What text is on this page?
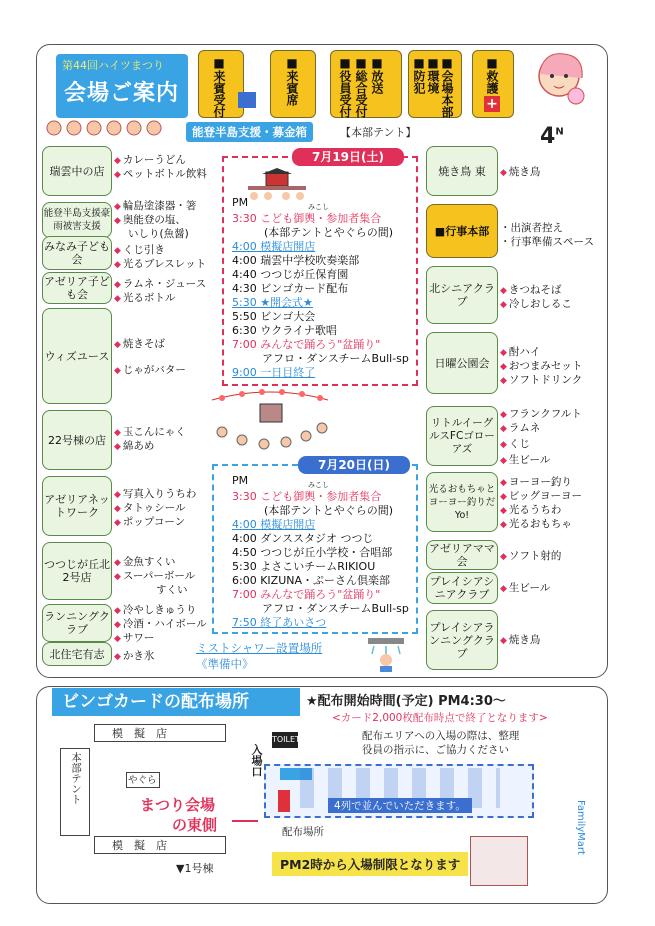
第44回ハイツまつり
会場ご案内	■来賓受付	■来賓席	■放送
■総合受付
■役員受付	■会場本部
■環境
■防犯	■救護
+
能登半島支援・募金箱	【本部テント】	$4^N$
瑞雲中の店
◆ カレーうどん
◆ ペットボトル飲料
能登半島支援豪雨被害支援
◆ 輪島塗漆器・箸
◆ 奥能登の塩、
いしり(魚醤)
みなみ子ども会
◆ くじ引き
◆ 光るブレスレット
アゼリア子ども会
◆ ラムネ・ジュース
◆ 光るボトル
ウィズユース
◆ 焼きそば
◆ じゃがバター
22号棟の店
◆ 玉こんにゃく
◆ 綿あめ
アゼリアネットワーク
◆ 写真入りうちわ
◆ タトゥシール
◆ ポップコーン
つつじが丘北2号店
◆ 金魚すくい
◆ スーパーボール
すくい
ランニングクラブ
◆ 冷やしきゅうり
◆ 冷酒・ハイボール
◆ サワー
北住宅有志 ◆ かき氷
焼き鳥 東 ◆ 焼き鳥
■行事本部 ・出演者控え
・行事準備スペース
北シニアクラブ
◆ きつねそば
◆ 冷しおしるこ
日曜公園会
◆ 酎ハイ
◆ おつまみセット
◆ ソフトドリンク
リトルイーグルスFCゴローアズ
◆ フランクフルト
◆ ラムネ
◆ くじ
◆ 生ビール
光るおもちゃとヨーヨー釣りだYo!
◆ ヨーヨー釣り
◆ ビッグヨーヨー
◆ 光るうちわ
◆ 光るおもちゃ
アゼリアママ会	◆ ソフト射的
プレイシアシニアクラブ	◆ 生ビール
プレイシアランニングクラブ
◆ 焼き鳥
7月19日(土)
PM	みこし
3:30 こども御輿・参加者集合
(本部テントとやぐらの間)
4:00 模擬店開店
4:00 瑞雲中学校吹奏楽部
4:40 つつじが丘保育園
4:30 ビンゴカード配布
5:30 ★開会式★
5:50 ビンゴ大会
6:30 ウクライナ歌唱
7:00 みんなで踊ろう"盆踊り"
アフロ・ダンスチームBull-sp
9:00 一日目終了
7月20日(日)
PM	みこし
3:30 こども御輿・参加者集合
(本部テントとやぐらの間)
4:00 模擬店開店
4:00 ダンススタジオ つつじ
4:50 つつじが丘小学校・合唱部
5:30 よさこいチームRIKIOU
6:00 KIZUNA・ぷーさん倶楽部
7:00 みんなで踊ろう"盆踊り"
アフロ・ダンスチームBull-sp
7:50 終了あいさつ
ミストシャワー設置場所
《準備中》
ビンゴカードの配布場所	★配布開始時間(予定) PM4:30〜
<カード2,000枚配布時点で終了となります>
模　擬　店
本部テント	やぐら
まつり会場
の東側
模　擬　店
▼1号棟
配布エリアへの入場の際は、整理
役員の指示に、ご協力ください
TOILET
入場口
4列で並んでいただきます。
配布場所
PM2時から入場制限となります
FamilyMart
